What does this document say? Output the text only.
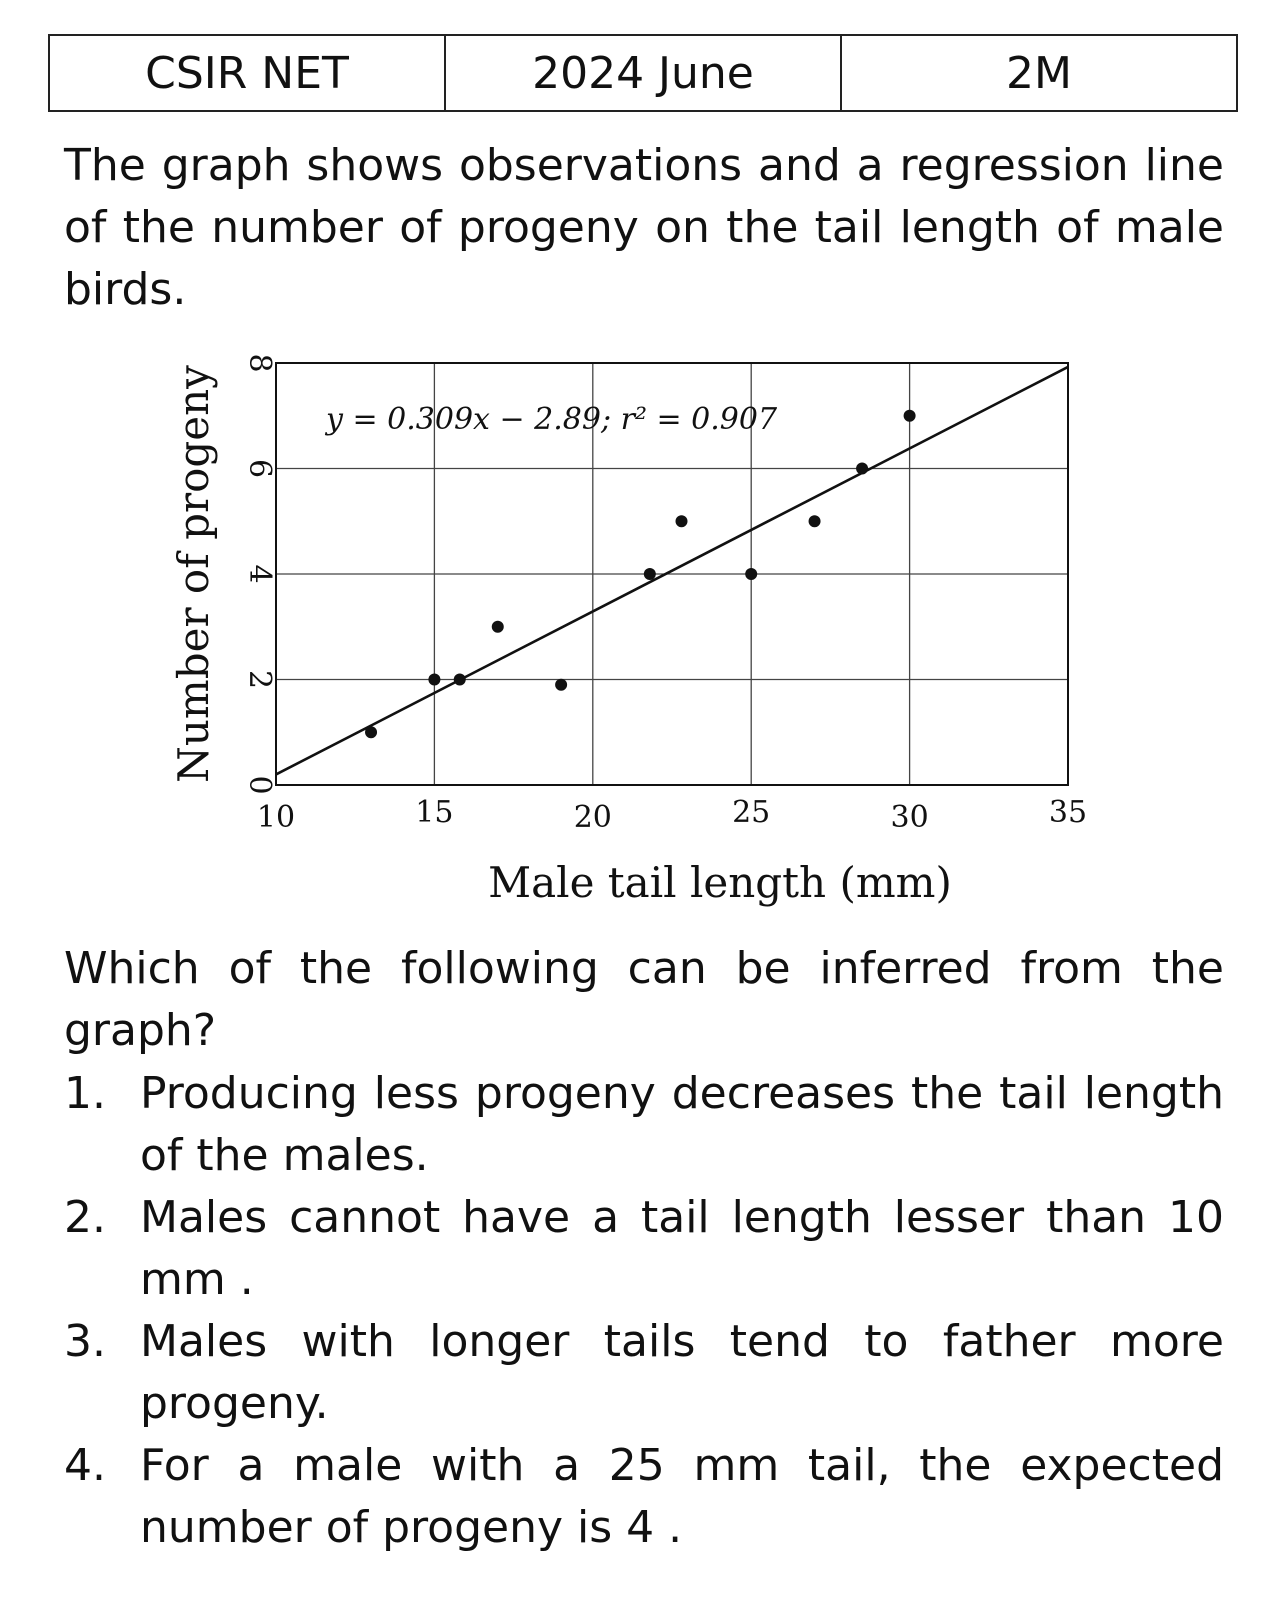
CSIR NET	2024 June	2M

The graph shows observations and a regression line of the number of progeny on the tail length of male birds.

10	15	20	25	30	35
0
2
4
6
8
Male tail length (mm)
Number of progeny	y = 0.309x − 2.89; r² = 0.907

Which of the following can be inferred from the graph?

1. Producing less progeny decreases the tail length of the males.
2. Males cannot have a tail length lesser than 10 mm .
3. Males with longer tails tend to father more progeny.
4. For a male with a 25 mm tail, the expected number of progeny is 4 .
